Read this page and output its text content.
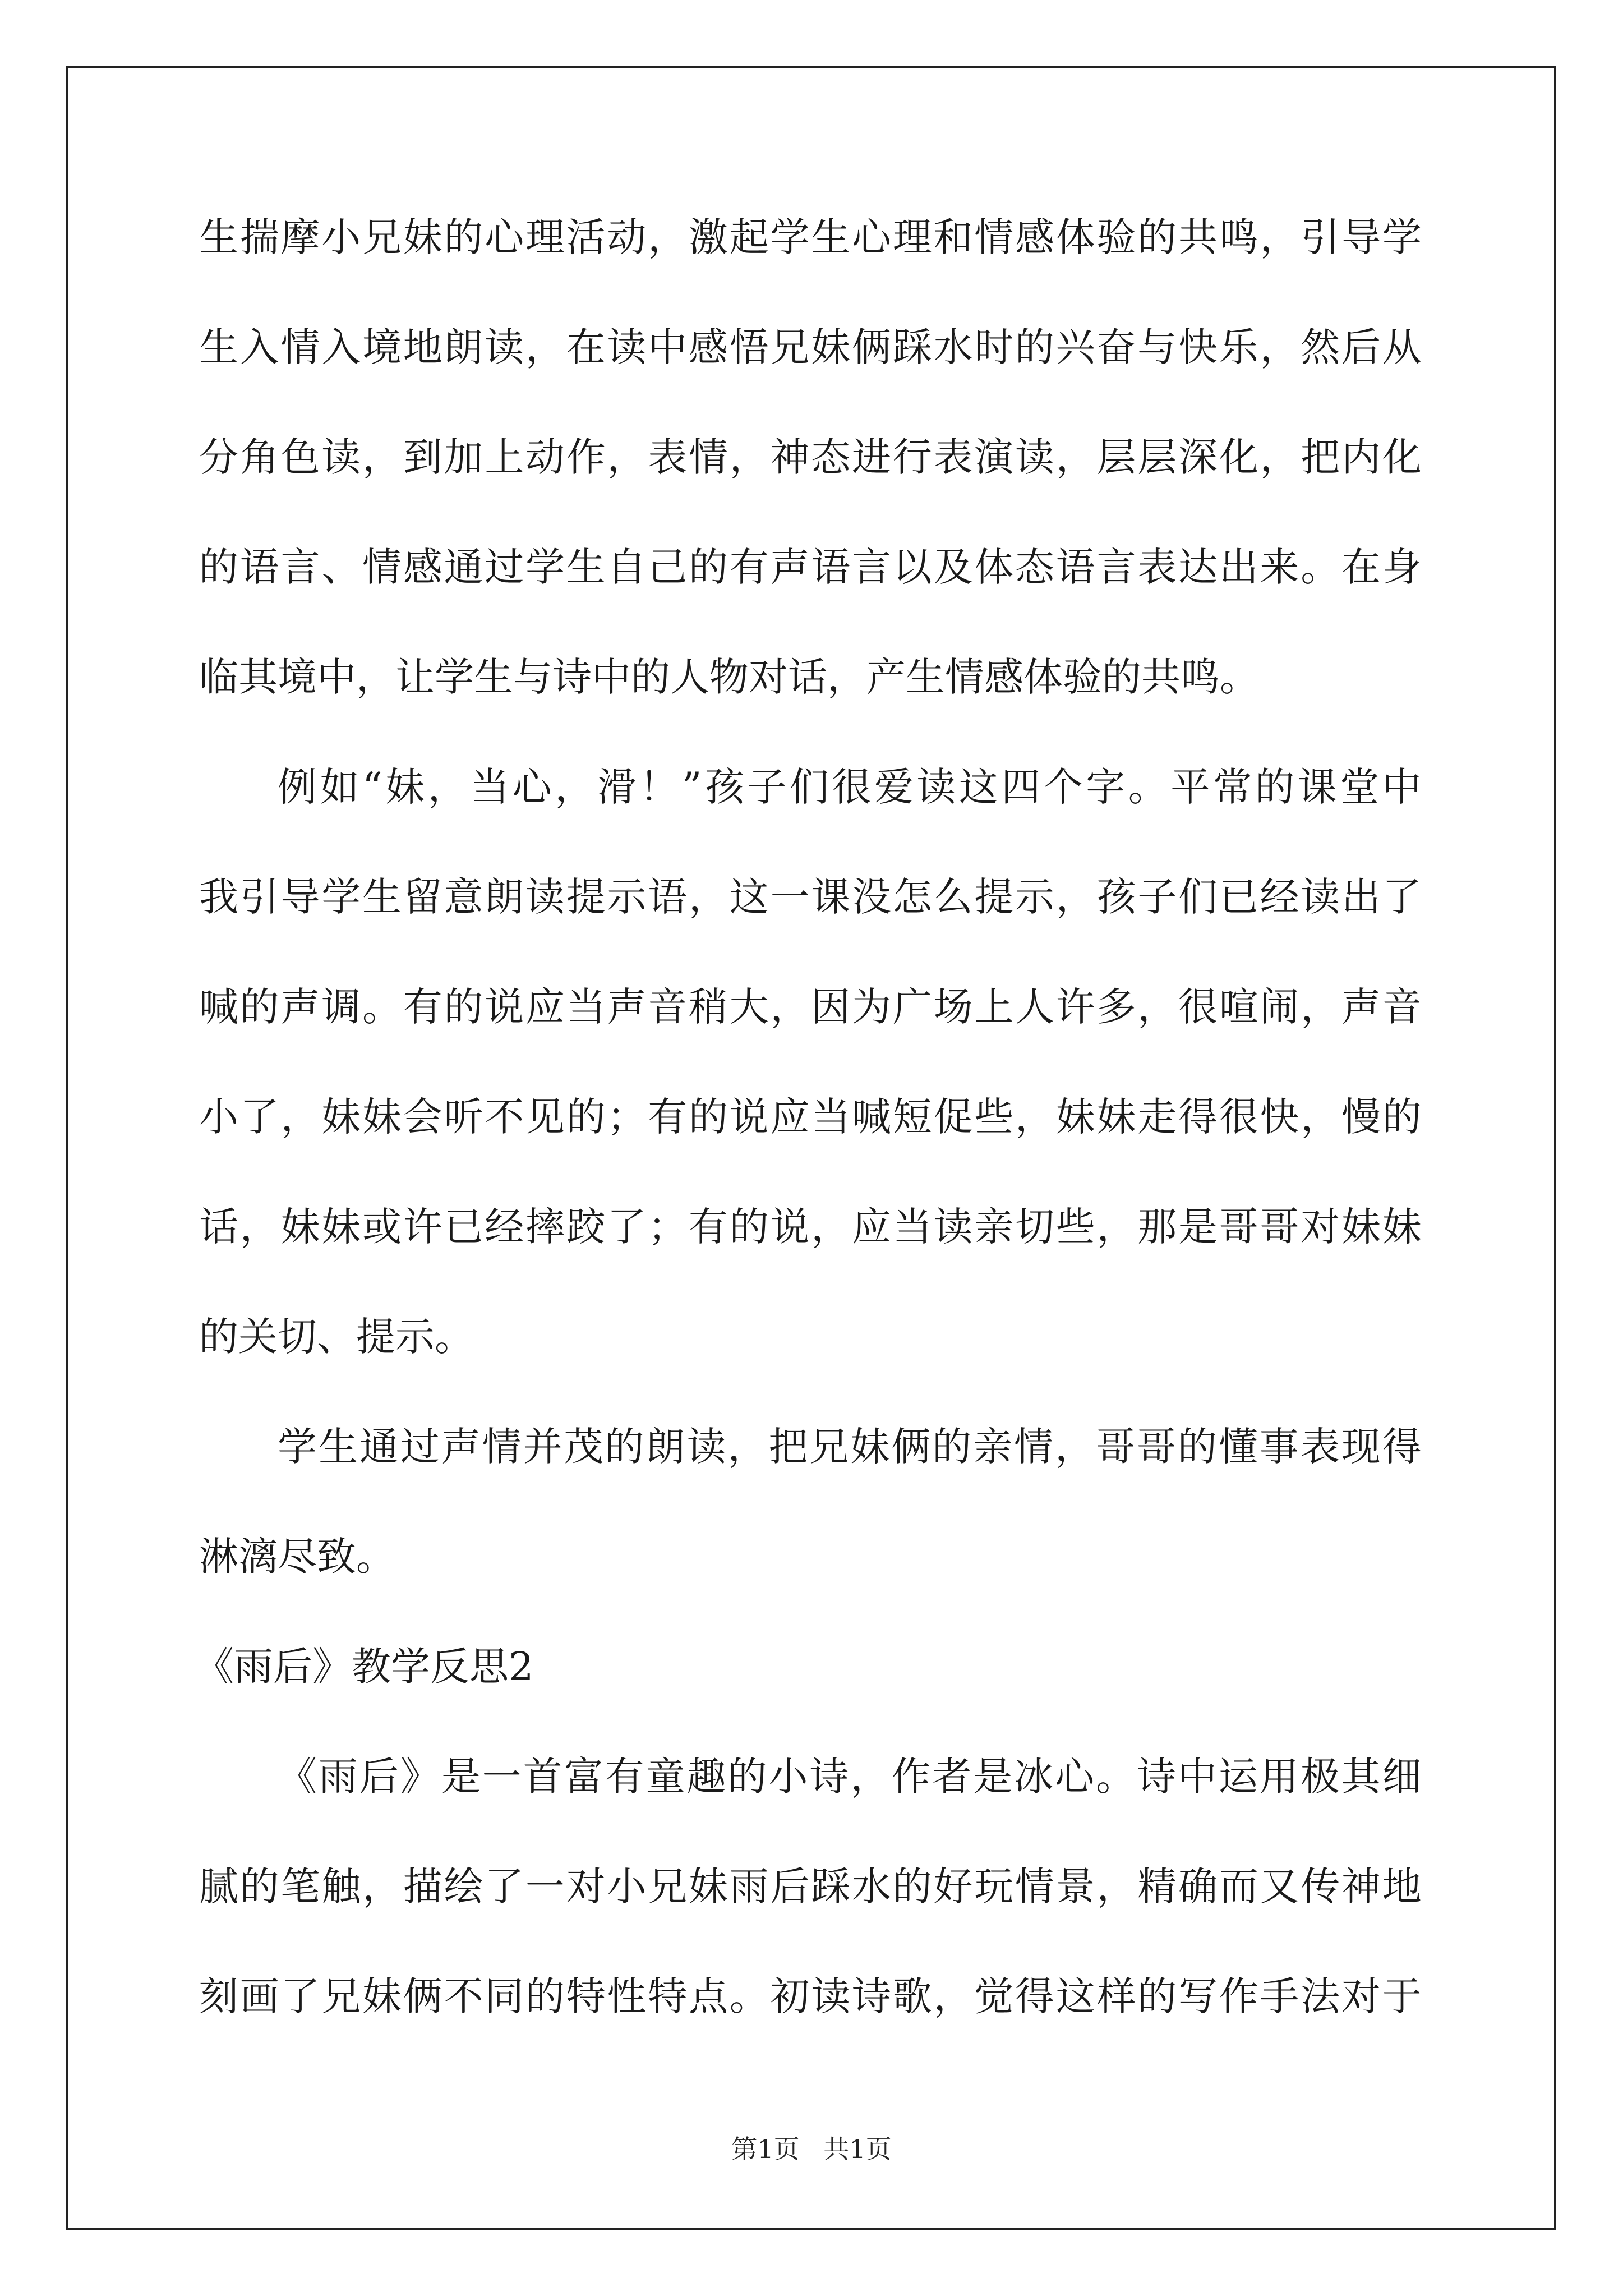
生 揣 摩 小 兄 妹 的 心 理 活 动 ， 激 起 学 生 心 理 和 情 感 体 验 的 共 鸣 ， 引 导 学
生 入 情 入 境 地 朗 读 ， 在 读 中 感 悟 兄 妹 俩 踩 水 时 的 兴 奋 与 快 乐 ， 然 后 从
分 角 色 读 ， 到 加 上 动 作 ， 表 情 ， 神 态 进 行 表 演 读 ， 层 层 深 化 ， 把 内 化
的 语 言 、 情 感 通 过 学 生 自 己 的 有 声 语 言 以 及 体 态 语 言 表 达 出 来 。 在 身
临其境中，让学生与诗中的人物对话，产生情感体验的共鸣。
例 如 “ 妹 ， 当 心 ， 滑 ！ ” 孩 子 们 很 爱 读 这 四 个 字 。 平 常 的 课 堂 中
我 引 导 学 生 留 意 朗 读 提 示 语 ， 这 一 课 没 怎 么 提 示 ， 孩 子 们 已 经 读 出 了
喊 的 声 调 。 有 的 说 应 当 声 音 稍 大 ， 因 为 广 场 上 人 许 多 ， 很 喧 闹 ， 声 音
小 了 ， 妹 妹 会 听 不 见 的 ； 有 的 说 应 当 喊 短 促 些 ， 妹 妹 走 得 很 快 ， 慢 的
话 ， 妹 妹 或 许 已 经 摔 跤 了 ； 有 的 说 ， 应 当 读 亲 切 些 ， 那 是 哥 哥 对 妹 妹
的关切、提示。
学 生 通 过 声 情 并 茂 的 朗 读 ， 把 兄 妹 俩 的 亲 情 ， 哥 哥 的 懂 事 表 现 得
淋漓尽致。
《雨后》教学反思2
《 雨 后 》 是 一 首 富 有 童 趣 的 小 诗 ， 作 者 是 冰 心 。 诗 中 运 用 极 其 细
腻 的 笔 触 ， 描 绘 了 一 对 小 兄 妹 雨 后 踩 水 的 好 玩 情 景 ， 精 确 而 又 传 神 地
刻 画 了 兄 妹 俩 不 同 的 特 性 特 点 。 初 读 诗 歌 ， 觉 得 这 样 的 写 作 手 法 对 于
第1页 共1页
